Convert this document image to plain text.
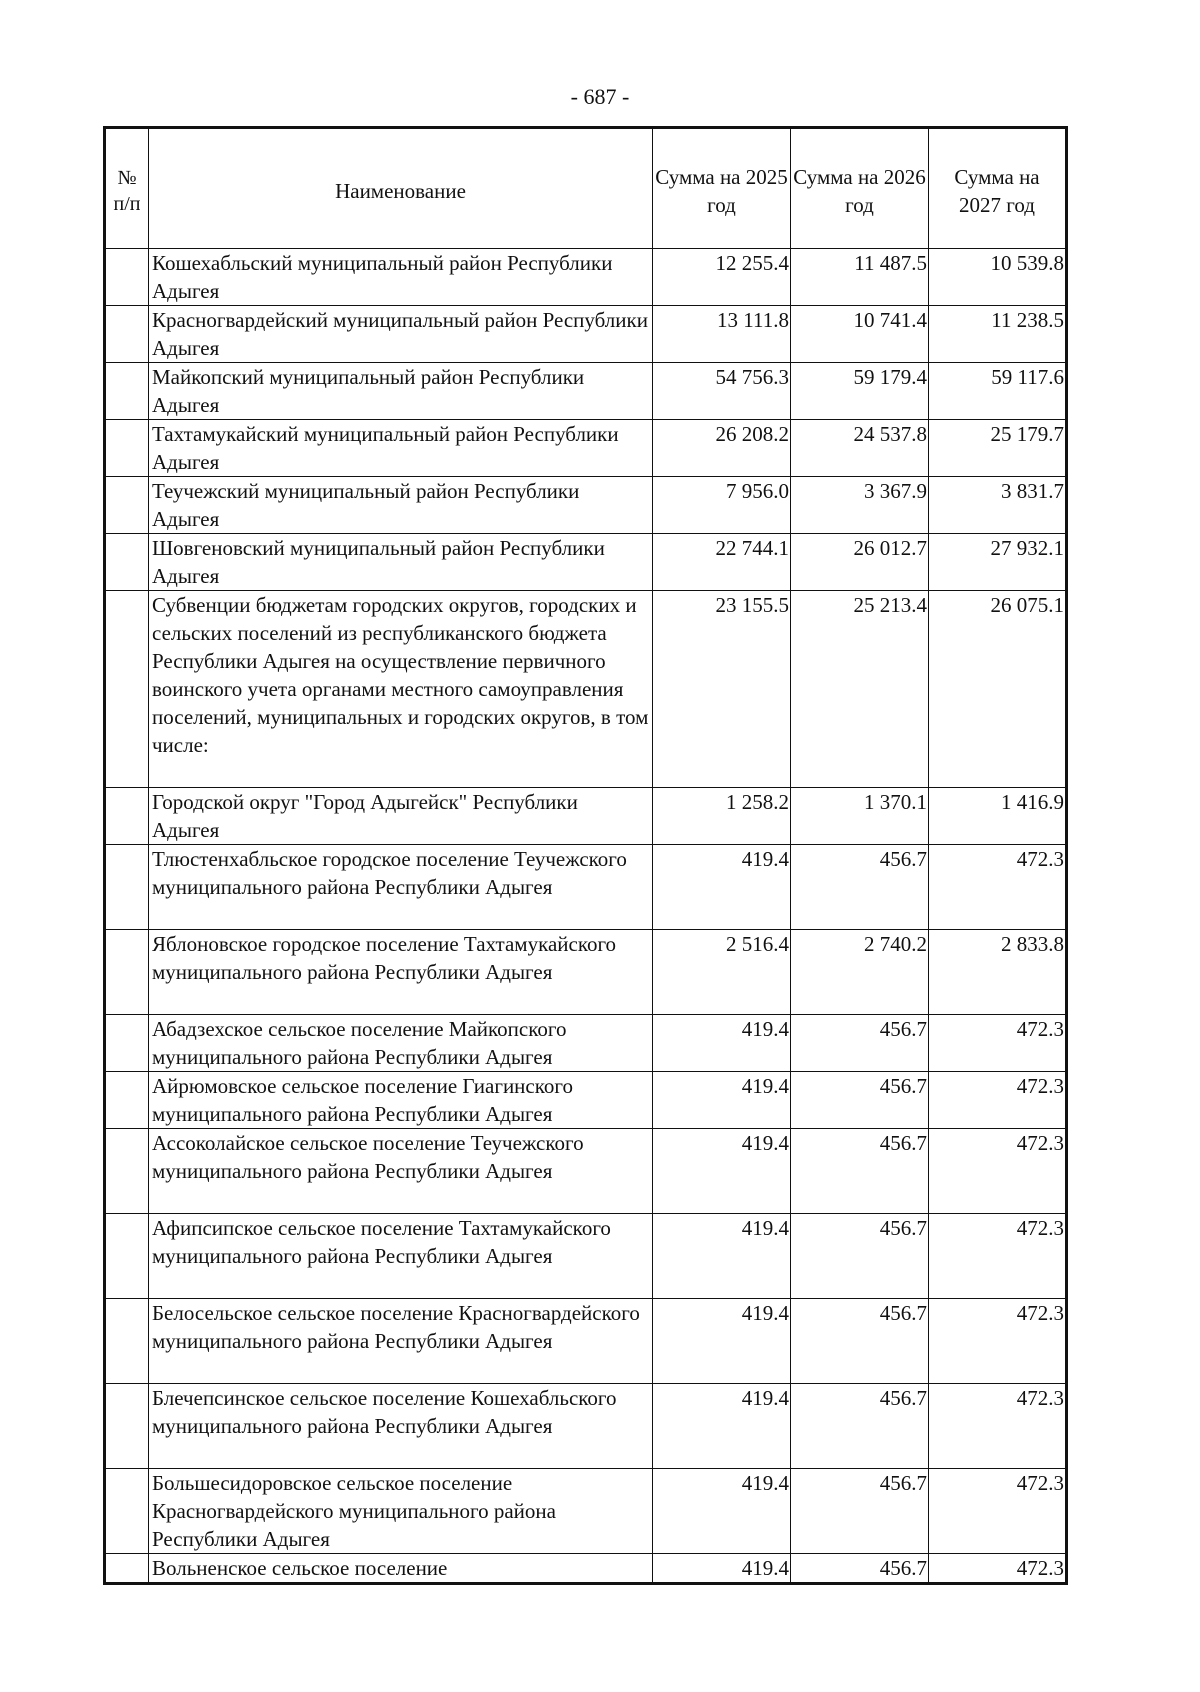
- 687 -
№ п/п	Наименование	Сумма на 2025 год	Сумма на 2026 год	Сумма на 2027 год
	Кошехабльский муниципальный район Республики Адыгея	12 255.4	11 487.5	10 539.8
	Красногвардейский муниципальный район Республики Адыгея	13 111.8	10 741.4	11 238.5
	Майкопский муниципальный район Республики Адыгея	54 756.3	59 179.4	59 117.6
	Тахтамукайский муниципальный район Республики Адыгея	26 208.2	24 537.8	25 179.7
	Теучежский муниципальный район Республики Адыгея	7 956.0	3 367.9	3 831.7
	Шовгеновский муниципальный район Республики Адыгея	22 744.1	26 012.7	27 932.1
	Субвенции бюджетам городских округов, городских и сельских поселений из республиканского бюджета Республики Адыгея на осуществление первичного воинского учета органами местного самоуправления поселений, муниципальных и городских округов, в том числе:	23 155.5	25 213.4	26 075.1
	Городской округ "Город Адыгейск" Республики Адыгея	1 258.2	1 370.1	1 416.9
	Тлюстенхабльское городское поселение Теучежского муниципального района Республики Адыгея	419.4	456.7	472.3
	Яблоновское городское поселение Тахтамукайского муниципального района Республики Адыгея	2 516.4	2 740.2	2 833.8
	Абадзехское сельское поселение Майкопского муниципального района Республики Адыгея	419.4	456.7	472.3
	Айрюмовское сельское поселение Гиагинского муниципального района Республики Адыгея	419.4	456.7	472.3
	Ассоколайское сельское поселение Теучежского муниципального района Республики Адыгея	419.4	456.7	472.3
	Афипсипское сельское поселение Тахтамукайского муниципального района Республики Адыгея	419.4	456.7	472.3
	Белосельское сельское поселение Красногвардейского муниципального района Республики Адыгея	419.4	456.7	472.3
	Блечепсинское сельское поселение Кошехабльского муниципального района Республики Адыгея	419.4	456.7	472.3
	Большесидоровское сельское поселение Красногвардейского муниципального района Республики Адыгея	419.4	456.7	472.3
	Вольненское сельское поселение	419.4	456.7	472.3
